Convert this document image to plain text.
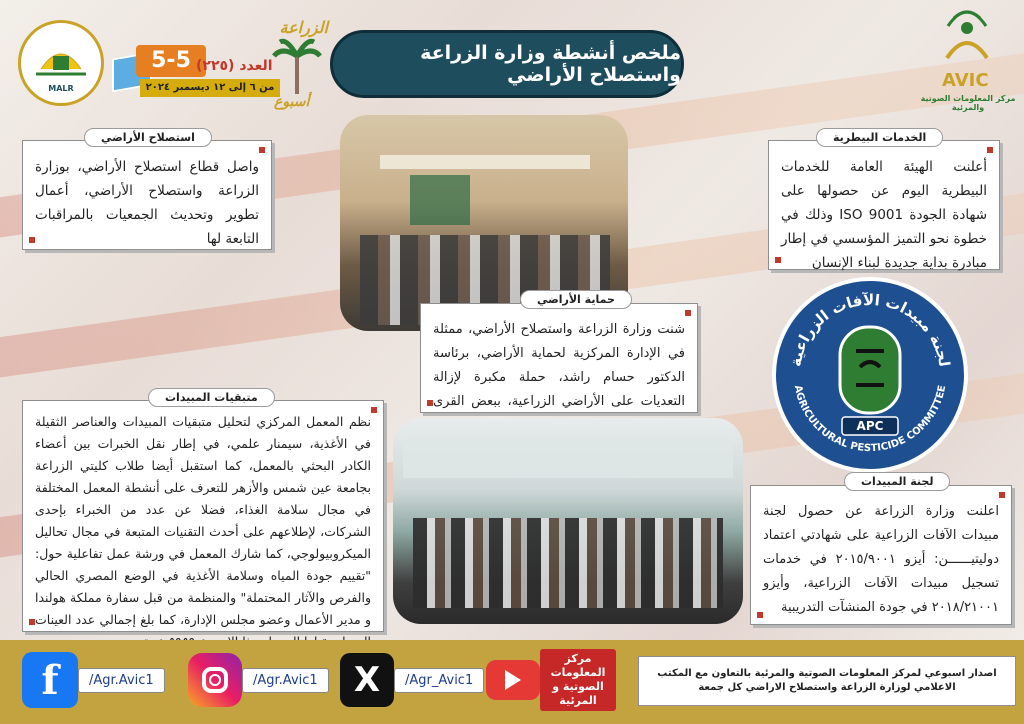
MALR
5-5
من ٦ إلى ١٢ ديسمبر ٢٠٢٤
العدد (٢٢٥)
الزراعة
أسبوع
ملخص أنشطة وزارة الزراعة واستصلاح الأراضي	AVIC
مركز المعلومات الصوتية والمرئية
الخدمات البيطرية
أعلنت الهيئة العامة للخدمات البيطرية اليوم عن حصولها على شهادة الجودة ISO 9001 وذلك في خطوة نحو التميز المؤسسي في إطار مبادرة بداية جديدة لبناء الإنسان
استصلاح الأراضي
واصل قطاع استصلاح الأراضي، بوزارة الزراعة واستصلاح الأراضي، أعمال تطوير وتحديث الجمعيات بالمراقبات التابعة لها
حماية الأراضي
شنت وزارة الزراعة واستصلاح الأراضي، ممثلة في الإدارة المركزية لحماية الأراضي، برئاسة الدكتور حسام راشد، حملة مكبرة لإزالة التعديات على الأراضي الزراعية، ببعض القرى
لجنة مبيدات الآفات الزراعية
AGRICULTURAL PESTICIDE COMMITTEE
APC
متبقيات المبيدات
نظم المعمل المركزي لتحليل متبقيات المبيدات والعناصر الثقيلة في الأغذية، سيمنار علمي، في إطار نقل الخبرات بين أعضاء الكادر البحثي بالمعمل، كما استقبل أيضا طلاب كليتي الزراعة بجامعة عين شمس والأزهر للتعرف على أنشطة المعمل المختلفة في مجال سلامة الغذاء، فضلا عن عدد من الخبراء بإحدى الشركات، لإطلاعهم على أحدث التقنيات المتبعة في مجال تحاليل الميكروبيولوجي، كما شارك المعمل في ورشة عمل تفاعلية حول: "تقييم جودة المياه وسلامة الأغذية في الوضع المصري الحالي والفرص والآثار المحتملة" والمنظمة من قبل سفارة مملكة هولندا و مدير الأعمال وعضو مجلس الإدارة، كما بلغ إجمالي عدد العينات
لجنة المبيدات
اعلنت وزارة الزراعة عن حصول لجنة مبيدات الآفات الزراعية على شهادتي اعتماد دوليتيــــــن: أيزو ٢٠١٥/٩٠٠١ في خدمات تسجيل مبيدات الآفات الزراعية، وأيزو ٢٠١٨/٢١٠٠١ في جودة المنشآت التدريبية
f	/Agr.Avic1	/Agr.Avic1	X	/Agr_Avic1
مركز المعلومات الصوتية و المرئية
اصدار اسبوعي لمركز المعلومات الصوتية والمرئية بالتعاون مع المكتب الاعلامي لوزارة الزراعة واستصلاح الاراضي كل جمعة
